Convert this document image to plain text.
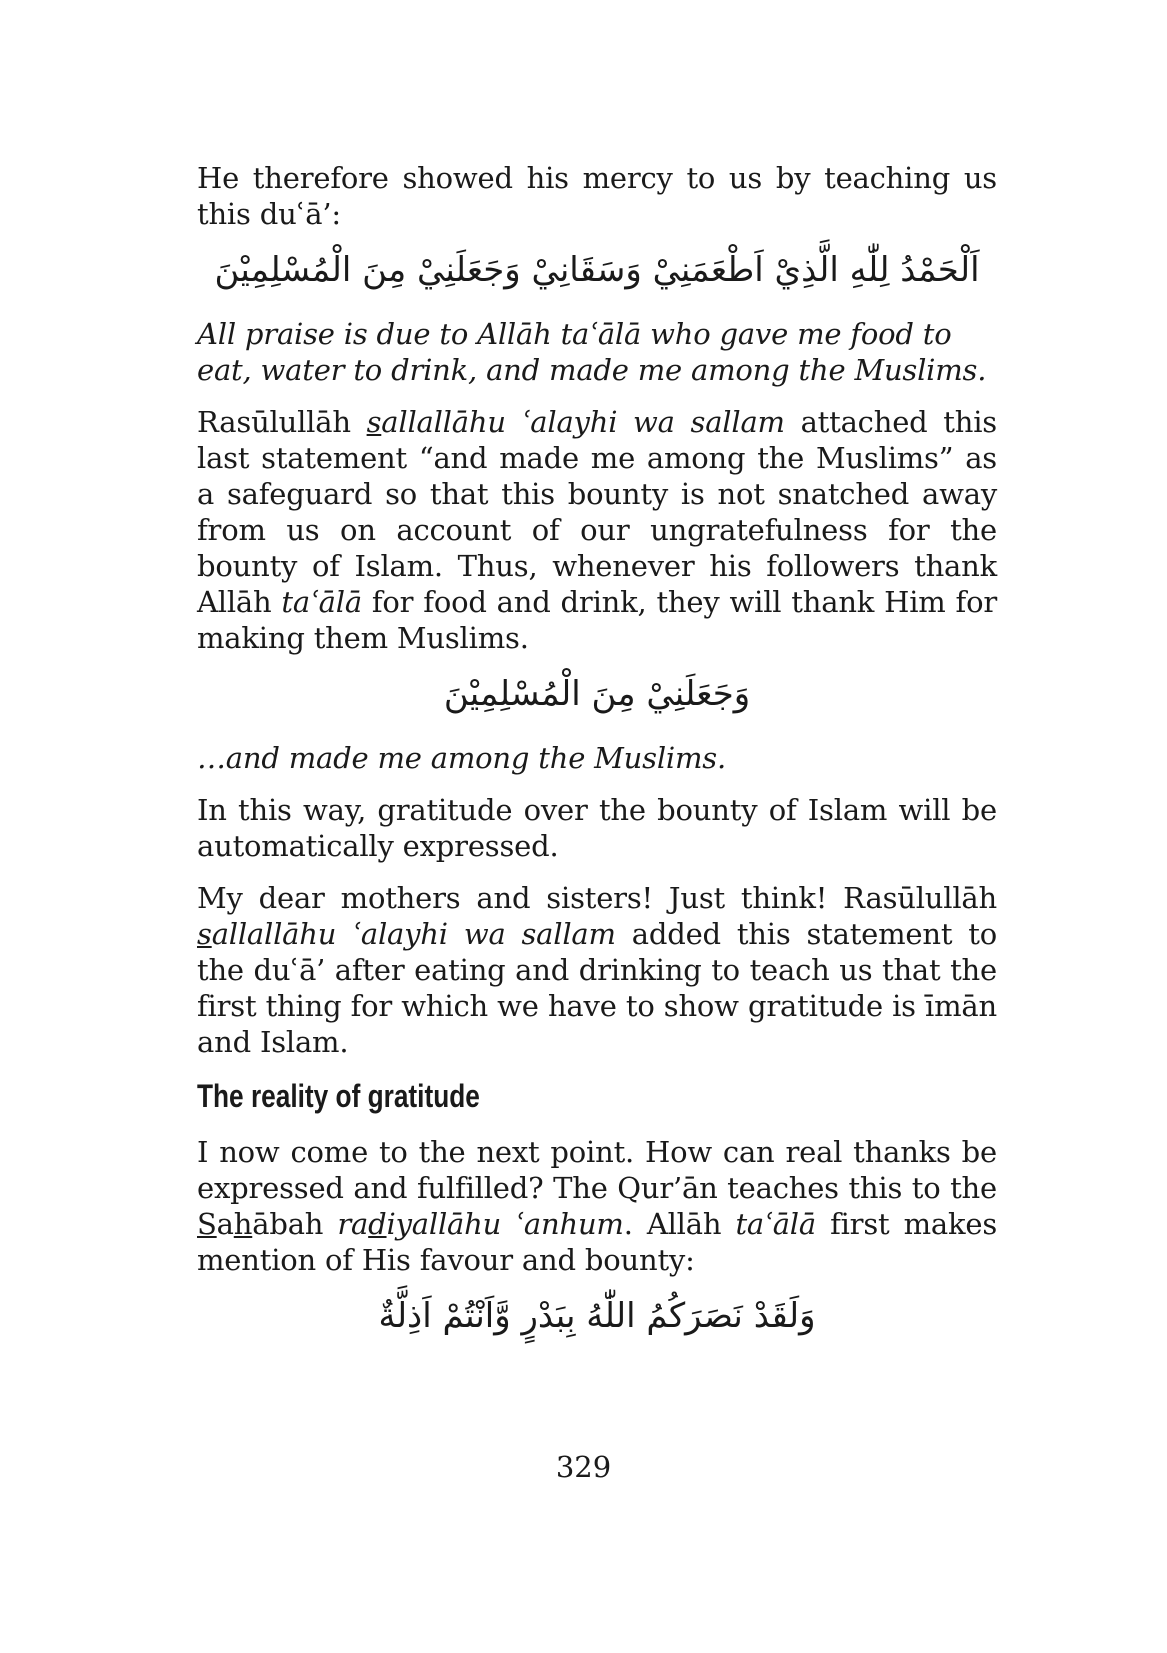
He therefore showed his mercy to us by teaching us this duʿā’:

اَلْحَمْدُ لِلّٰهِ الَّذِيْ اَطْعَمَنِيْ وَسَقَانِيْ وَجَعَلَنِيْ مِنَ الْمُسْلِمِيْنَ

All praise is due to Allāh taʿālā who gave me food to eat, water to drink, and made me among the Muslims.

Rasūlullāh sallallāhu ʿalayhi wa sallam attached this last statement “and made me among the Muslims” as a safeguard so that this bounty is not snatched away from us on account of our ungratefulness for the bounty of Islam. Thus, whenever his followers thank Allāh taʿālā for food and drink, they will thank Him for making them Muslims.

وَجَعَلَنِيْ مِنَ الْمُسْلِمِيْنَ

…and made me among the Muslims.

In this way, gratitude over the bounty of Islam will be automatically expressed.

My dear mothers and sisters! Just think! Rasūlullāh sallallāhu ʿalayhi wa sallam added this statement to the duʿā’ after eating and drinking to teach us that the first thing for which we have to show gratitude is īmān and Islam.

The reality of gratitude

I now come to the next point. How can real thanks be expressed and fulfilled? The Qur’ān teaches this to the Sahābah radiyallāhu ʿanhum. Allāh taʿālā first makes mention of His favour and bounty:

وَلَقَدْ نَصَرَكُمُ اللّٰهُ بِبَدْرٍ وَّاَنْتُمْ اَذِلَّةٌ
329
